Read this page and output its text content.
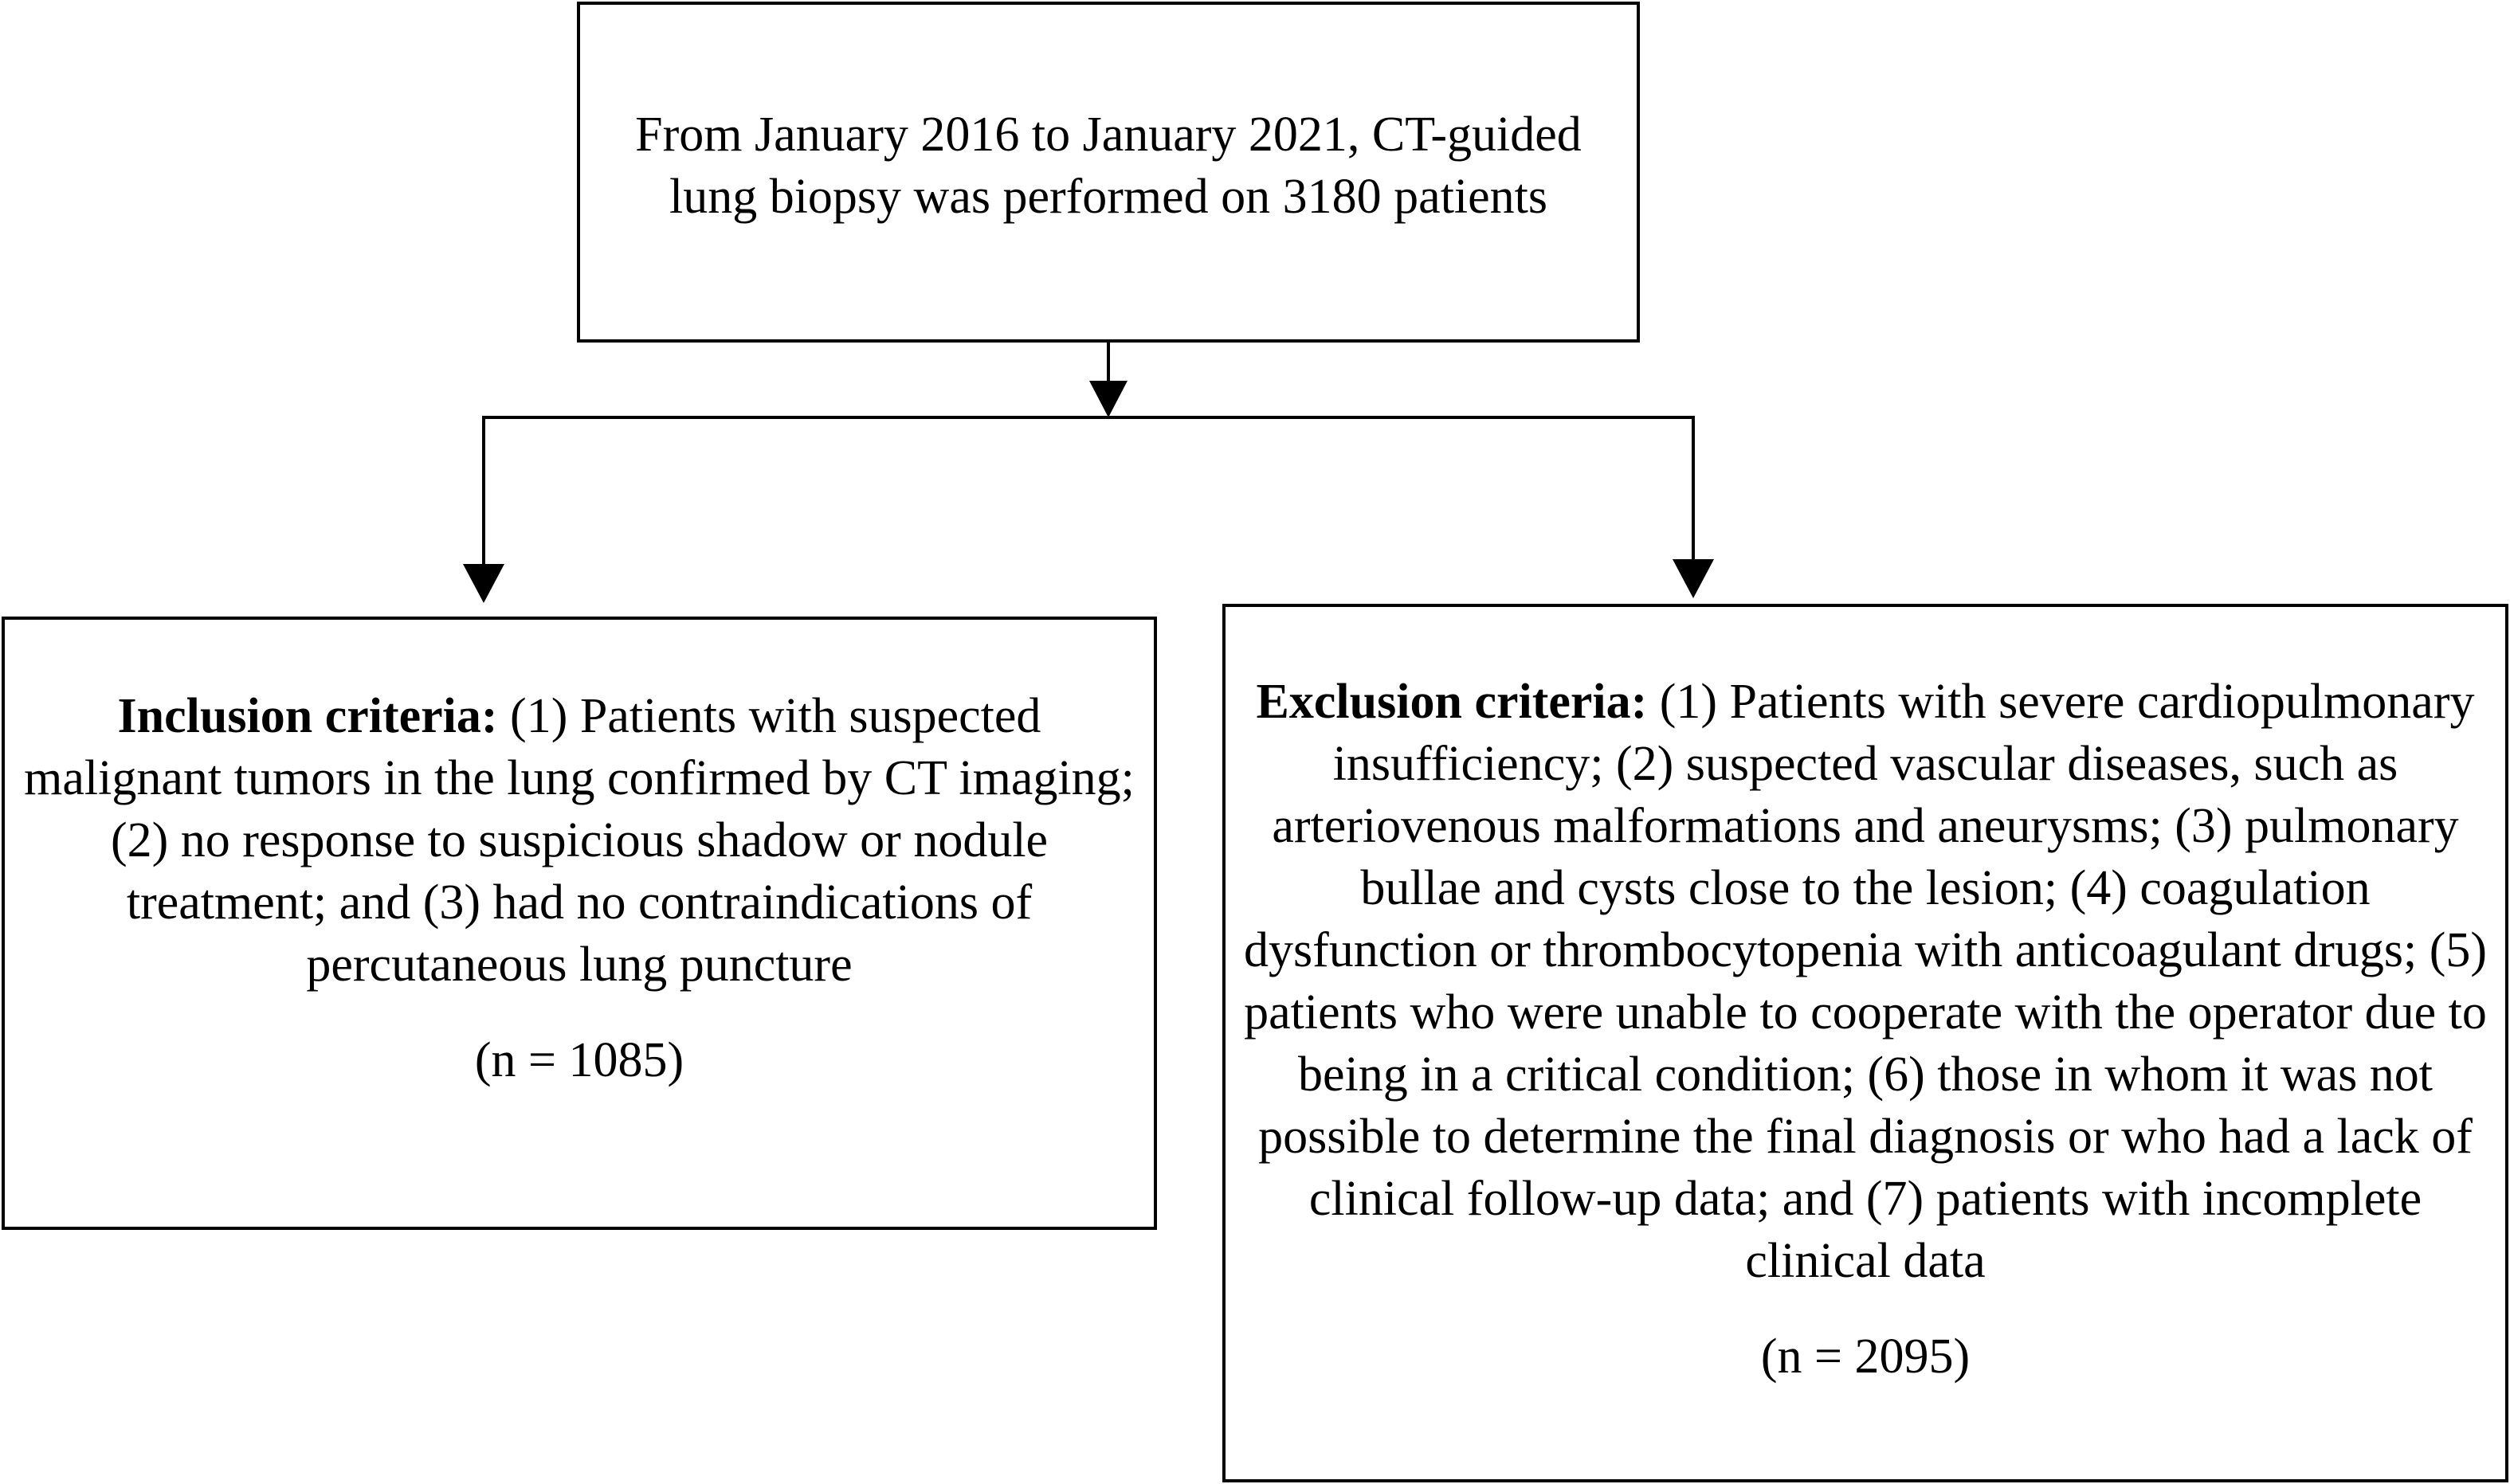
From January 2016 to January 2021, CT-guided lung biopsy was performed on 3180 patients
Inclusion criteria: (1) Patients with suspected malignant tumors in the lung confirmed by CT imaging; (2) no response to suspicious shadow or nodule treatment; and (3) had no contraindications of percutaneous lung puncture
(n = 1085)
Exclusion criteria: (1) Patients with severe cardiopulmonary insufficiency; (2) suspected vascular diseases, such as arteriovenous malformations and aneurysms; (3) pulmonary bullae and cysts close to the lesion; (4) coagulation dysfunction or thrombocytopenia with anticoagulant drugs; (5) patients who were unable to cooperate with the operator due to being in a critical condition; (6) those in whom it was not possible to determine the final diagnosis or who had a lack of clinical follow-up data; and (7) patients with incomplete clinical data
(n = 2095)
